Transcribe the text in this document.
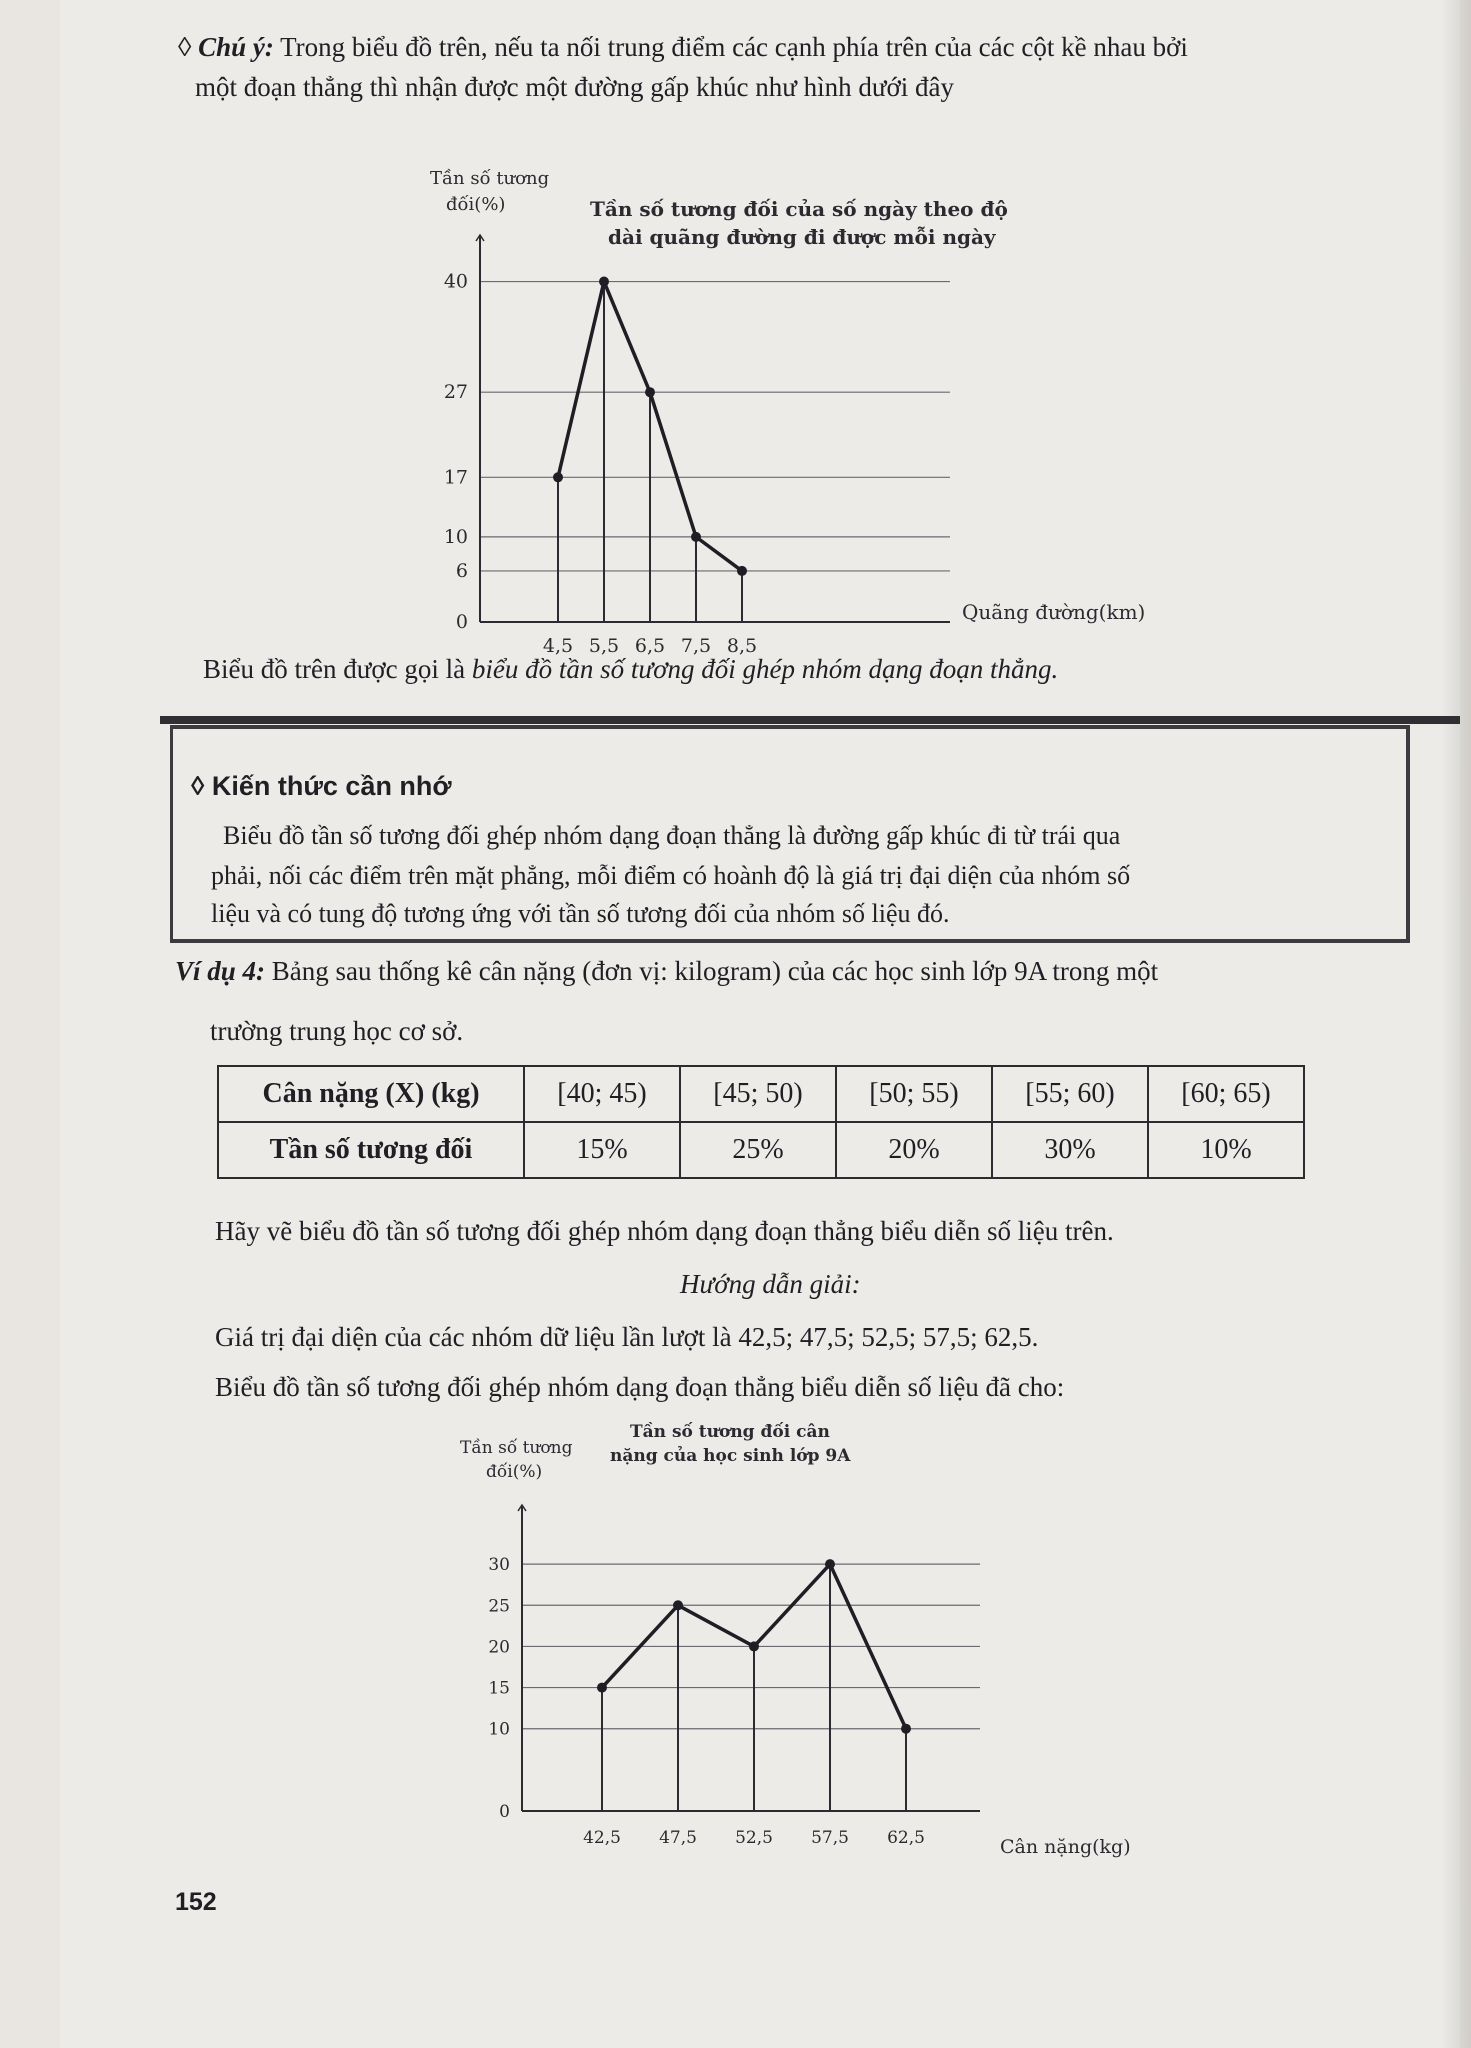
◊ Chú ý: Trong biểu đồ trên, nếu ta nối trung điểm các cạnh phía trên của các cột kề nhau bởi
một đoạn thẳng thì nhận được một đường gấp khúc như hình dưới đây
0
6
10
17
27
40
4,5 5,5 6,5 7,5 8,5
Tần số tương
đối(%)	Tần số tương đối của số ngày theo độ
dài quãng đường đi được mỗi ngày
Quãng đường(km)
Biểu đồ trên được gọi là biểu đồ tần số tương đối ghép nhóm dạng đoạn thẳng.
◊ Kiến thức cần nhớ
Biểu đồ tần số tương đối ghép nhóm dạng đoạn thẳng là đường gấp khúc đi từ trái qua
phải, nối các điểm trên mặt phẳng, mỗi điểm có hoành độ là giá trị đại diện của nhóm số
liệu và có tung độ tương ứng với tần số tương đối của nhóm số liệu đó.
Ví dụ 4: Bảng sau thống kê cân nặng (đơn vị: kilogram) của các học sinh lớp 9A trong một
trường trung học cơ sở.
Cân nặng (X) (kg)	[40; 45)	[45; 50)	[50; 55)	[55; 60)	[60; 65)
Tần số tương đối	15%	25%	20%	30%	10%
Hãy vẽ biểu đồ tần số tương đối ghép nhóm dạng đoạn thẳng biểu diễn số liệu trên.
Hướng dẫn giải:
Giá trị đại diện của các nhóm dữ liệu lần lượt là 42,5; 47,5; 52,5; 57,5; 62,5.
Biểu đồ tần số tương đối ghép nhóm dạng đoạn thẳng biểu diễn số liệu đã cho:
0
10
15
20
25
30
42,5 47,5 52,5 57,5 62,5
Tần số tương
đối(%)
Tần số tương đối cân
nặng của học sinh lớp 9A
Cân nặng(kg)
152
